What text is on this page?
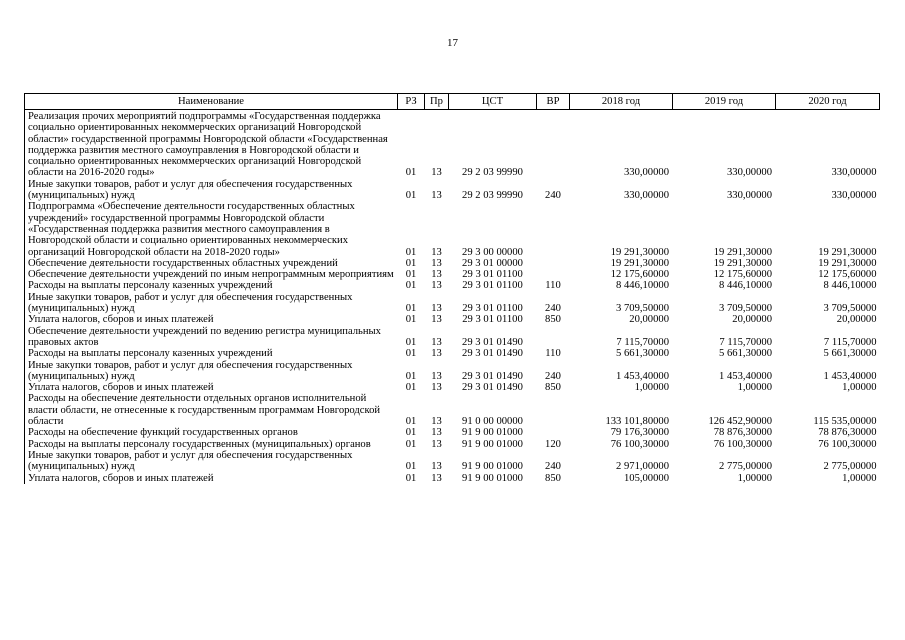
17
Наименование	РЗ	Пр	ЦСТ	ВР	2018 год	2019 год	2020 год
Реализация прочих мероприятий подпрограммы «Государственная поддержка социально ориентированных некоммерческих организаций Новгородской области» государственной программы Новгородской области «Государственная поддержка развития местного самоуправления в Новгородской области и социально ориентированных некоммерческих организаций Новгородской области на 2016-2020 годы»	01	13	29 2 03 99990		330,00000	330,00000	330,00000
Иные закупки товаров, работ и услуг для обеспечения государственных (муниципальных) нужд	01	13	29 2 03 99990	240	330,00000	330,00000	330,00000
Подпрограмма «Обеспечение деятельности государственных областных учреждений» государственной программы Новгородской области «Государственная поддержка развития местного самоуправления в Новгородской области и социально ориентированных некоммерческих организаций Новгородской области на 2018-2020 годы»	01	13	29 3 00 00000		19 291,30000	19 291,30000	19 291,30000
Обеспечение деятельности государственных областных учреждений	01	13	29 3 01 00000		19 291,30000	19 291,30000	19 291,30000
Обеспечение деятельности учреждений по иным непрограммным мероприятиям	01	13	29 3 01 01100		12 175,60000	12 175,60000	12 175,60000
Расходы на выплаты персоналу казенных учреждений	01	13	29 3 01 01100	110	8 446,10000	8 446,10000	8 446,10000
Иные закупки товаров, работ и услуг для обеспечения государственных (муниципальных) нужд	01	13	29 3 01 01100	240	3 709,50000	3 709,50000	3 709,50000
Уплата налогов, сборов и иных платежей	01	13	29 3 01 01100	850	20,00000	20,00000	20,00000
Обеспечение деятельности учреждений по ведению регистра муниципальных правовых актов	01	13	29 3 01 01490		7 115,70000	7 115,70000	7 115,70000
Расходы на выплаты персоналу казенных учреждений	01	13	29 3 01 01490	110	5 661,30000	5 661,30000	5 661,30000
Иные закупки товаров, работ и услуг для обеспечения государственных (муниципальных) нужд	01	13	29 3 01 01490	240	1 453,40000	1 453,40000	1 453,40000
Уплата налогов, сборов и иных платежей	01	13	29 3 01 01490	850	1,00000	1,00000	1,00000
Расходы на обеспечение деятельности отдельных органов исполнительной власти области, не отнесенные к государственным программам Новгородской области	01	13	91 0 00 00000		133 101,80000	126 452,90000	115 535,00000
Расходы на обеспечение функций государственных органов	01	13	91 9 00 01000		79 176,30000	78 876,30000	78 876,30000
Расходы на выплаты персоналу государственных (муниципальных) органов	01	13	91 9 00 01000	120	76 100,30000	76 100,30000	76 100,30000
Иные закупки товаров, работ и услуг для обеспечения государственных (муниципальных) нужд	01	13	91 9 00 01000	240	2 971,00000	2 775,00000	2 775,00000
Уплата налогов, сборов и иных платежей	01	13	91 9 00 01000	850	105,00000	1,00000	1,00000
